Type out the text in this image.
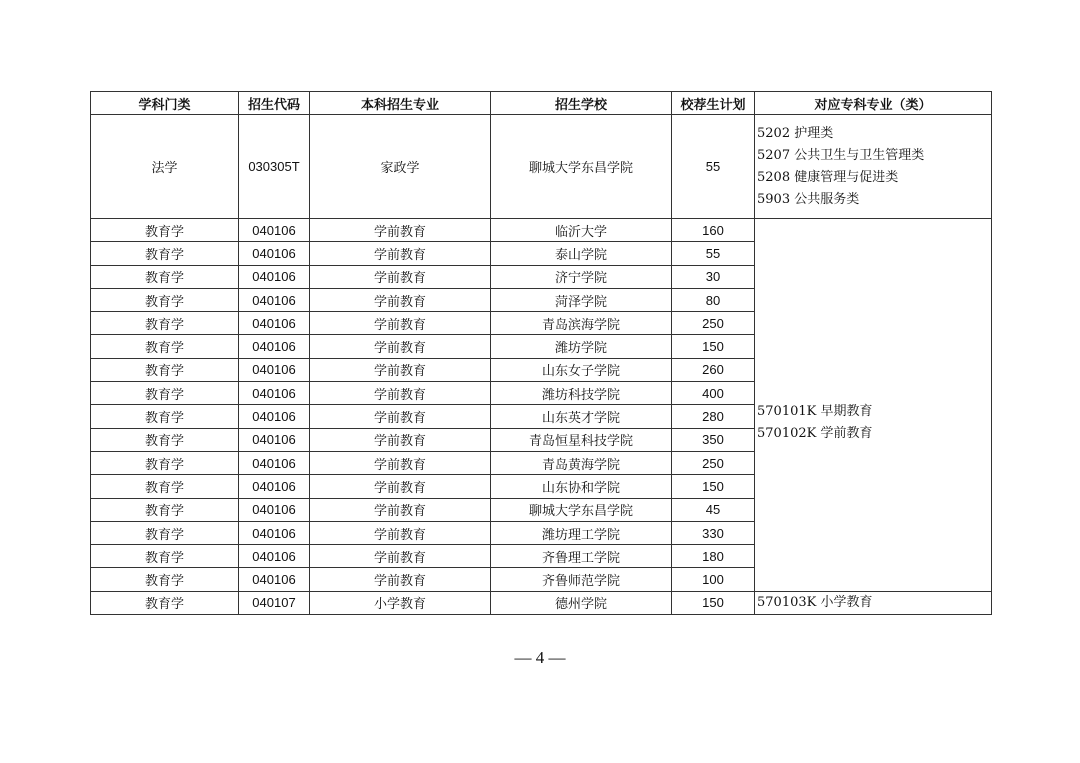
学科门类	招生代码	本科招生专业	招生学校	校荐生计划	对应专科专业（类）
法学	030305T	家政学	聊城大学东昌学院	55	5202 护理类
5207 公共卫生与卫生管理类
5208 健康管理与促进类
5903 公共服务类

教育学	040106	学前教育	临沂大学	160	570101K 早期教育
570102K 学前教育

教育学	040106	学前教育	泰山学院	55	
教育学	040106	学前教育	济宁学院	30	
教育学	040106	学前教育	菏泽学院	80	
教育学	040106	学前教育	青岛滨海学院	250	
教育学	040106	学前教育	潍坊学院	150	
教育学	040106	学前教育	山东女子学院	260	
教育学	040106	学前教育	潍坊科技学院	400	
教育学	040106	学前教育	山东英才学院	280	
教育学	040106	学前教育	青岛恒星科技学院	350	
教育学	040106	学前教育	青岛黄海学院	250	
教育学	040106	学前教育	山东协和学院	150	
教育学	040106	学前教育	聊城大学东昌学院	45	
教育学	040106	学前教育	潍坊理工学院	330	
教育学	040106	学前教育	齐鲁理工学院	180	
教育学	040106	学前教育	齐鲁师范学院	100	
教育学	040107	小学教育	德州学院	150	570103K 小学教育
— 4 —
